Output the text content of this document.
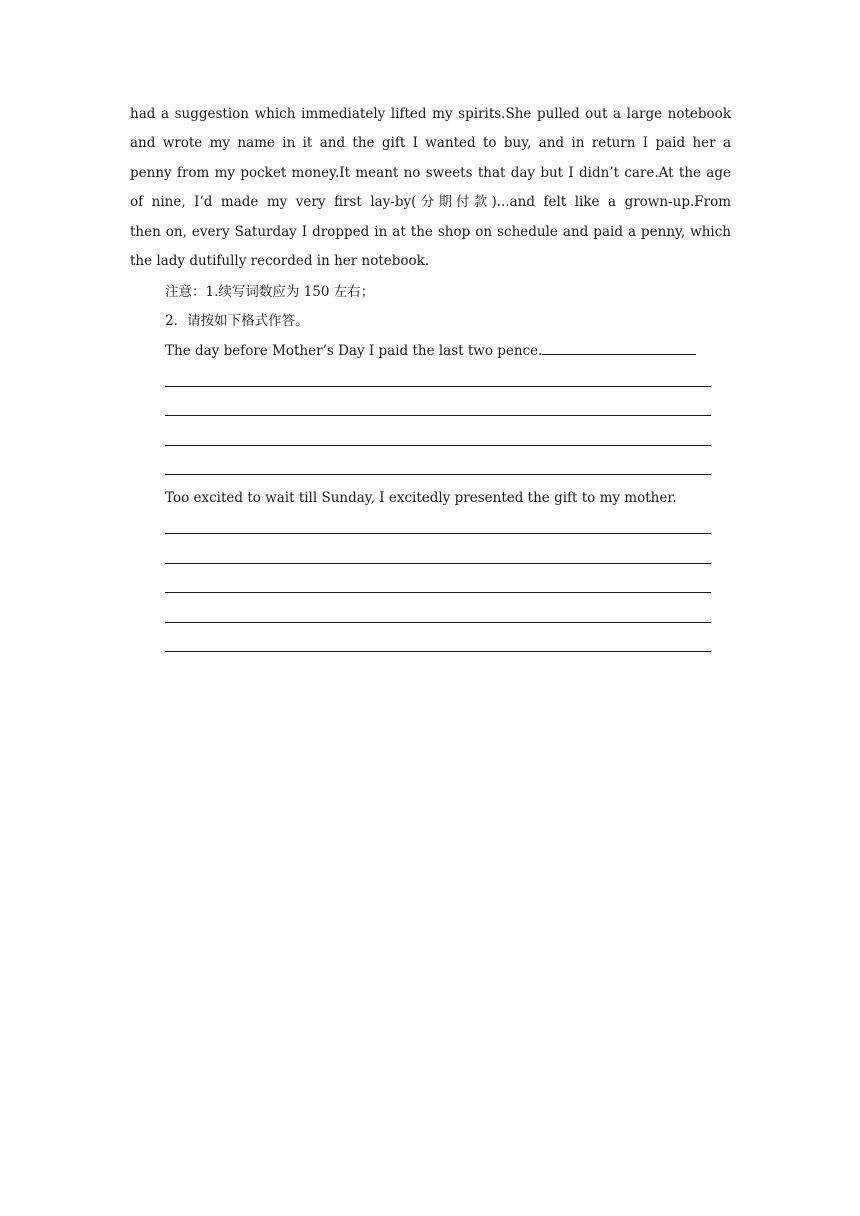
had a suggestion which immediately lifted my spirits.She pulled out a large notebook
and wrote my name in it and the gift I wanted to buy, and in return I paid her a
penny from my pocket money.It meant no sweets that day but I didn’t care.At the age
of nine, I’d made my very first lay-by(分期付款)...and felt like a grown-up.From
then on, every Saturday I dropped in at the shop on schedule and paid a penny, which
the lady dutifully recorded in her notebook.
注意：1.续写词数应为 150 左右；
2．请按如下格式作答。
The day before Mother’s Day I paid the last two pence.
Too excited to wait till Sunday, I excitedly presented the gift to my mother.
